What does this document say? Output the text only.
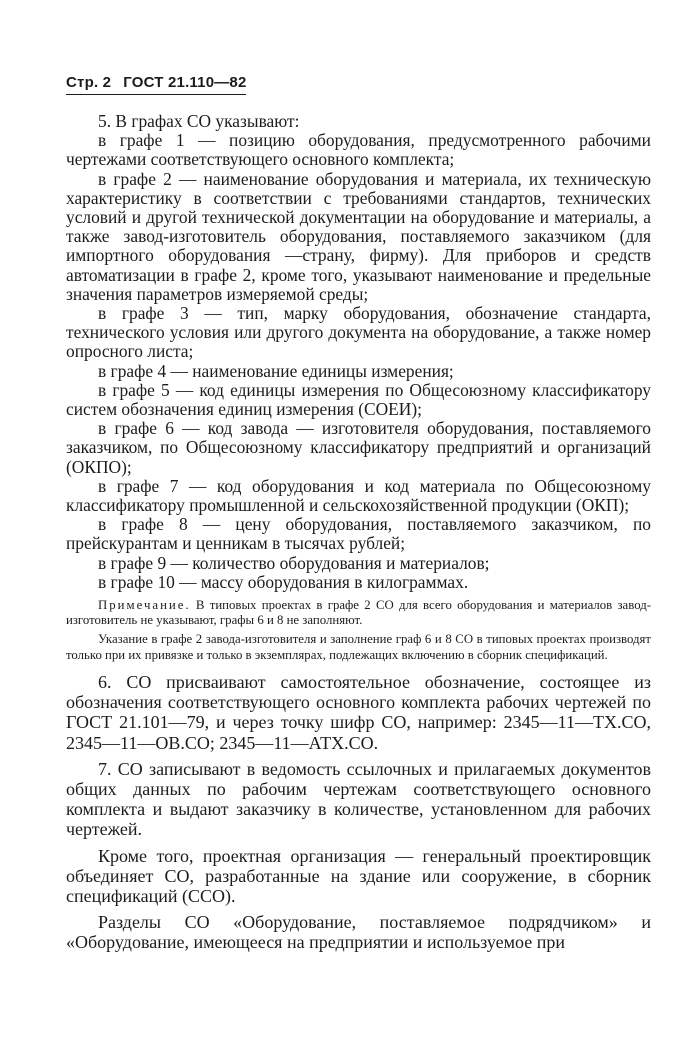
Стр. 2 ГОСТ 21.110—82

5. В графах СО указывают:

в графе 1 — позицию оборудования, предусмотренного рабочими чертежами соответствующего основного комплекта;

в графе 2 — наименование оборудования и материала, их техническую характеристику в соответствии с требованиями стандартов, технических условий и другой технической документации на оборудование и материалы, а также завод-изготовитель оборудования, поставляемого заказчиком (для импортного оборудования —страну, фирму). Для приборов и средств автоматизации в графе 2, кроме того, указывают наименование и предельные значения параметров измеряемой среды;

в графе 3 — тип, марку оборудования, обозначение стандарта, технического условия или другого документа на оборудование, а также номер опросного листа;

в графе 4 — наименование единицы измерения;

в графе 5 — код единицы измерения по Общесоюзному классификатору систем обозначения единиц измерения (СОЕИ);

в графе 6 — код завода — изготовителя оборудования, поставляемого заказчиком, по Общесоюзному классификатору предприятий и организаций (ОКПО);

в графе 7 — код оборудования и код материала по Общесоюзному классификатору промышленной и сельскохозяйственной продукции (ОКП);

в графе 8 — цену оборудования, поставляемого заказчиком, по прейскурантам и ценникам в тысячах рублей;

в графе 9 — количество оборудования и материалов;

в графе 10 — массу оборудования в килограммах.

Примечание. В типовых проектах в графе 2 СО для всего оборудования и материалов завод-изготовитель не указывают, графы 6 и 8 не заполняют.

Указание в графе 2 завода-изготовителя и заполнение граф 6 и 8 СО в типовых проектах производят только при их привязке и только в экземплярах, подлежащих включению в сборник спецификаций.

6. СО присваивают самостоятельное обозначение, состоящее из обозначения соответствующего основного комплекта рабочих чертежей по ГОСТ 21.101—79, и через точку шифр СО, например: 2345—11—ТХ.СО, 2345—11—ОВ.СО; 2345—11—АТХ.СО.

7. СО записывают в ведомость ссылочных и прилагаемых документов общих данных по рабочим чертежам соответствующего основного комплекта и выдают заказчику в количестве, установленном для рабочих чертежей.

Кроме того, проектная организация — генеральный проектировщик объединяет СО, разработанные на здание или сооружение, в сборник спецификаций (ССО).

Разделы СО «Оборудование, поставляемое подрядчиком» и «Оборудование, имеющееся на предприятии и используемое при
